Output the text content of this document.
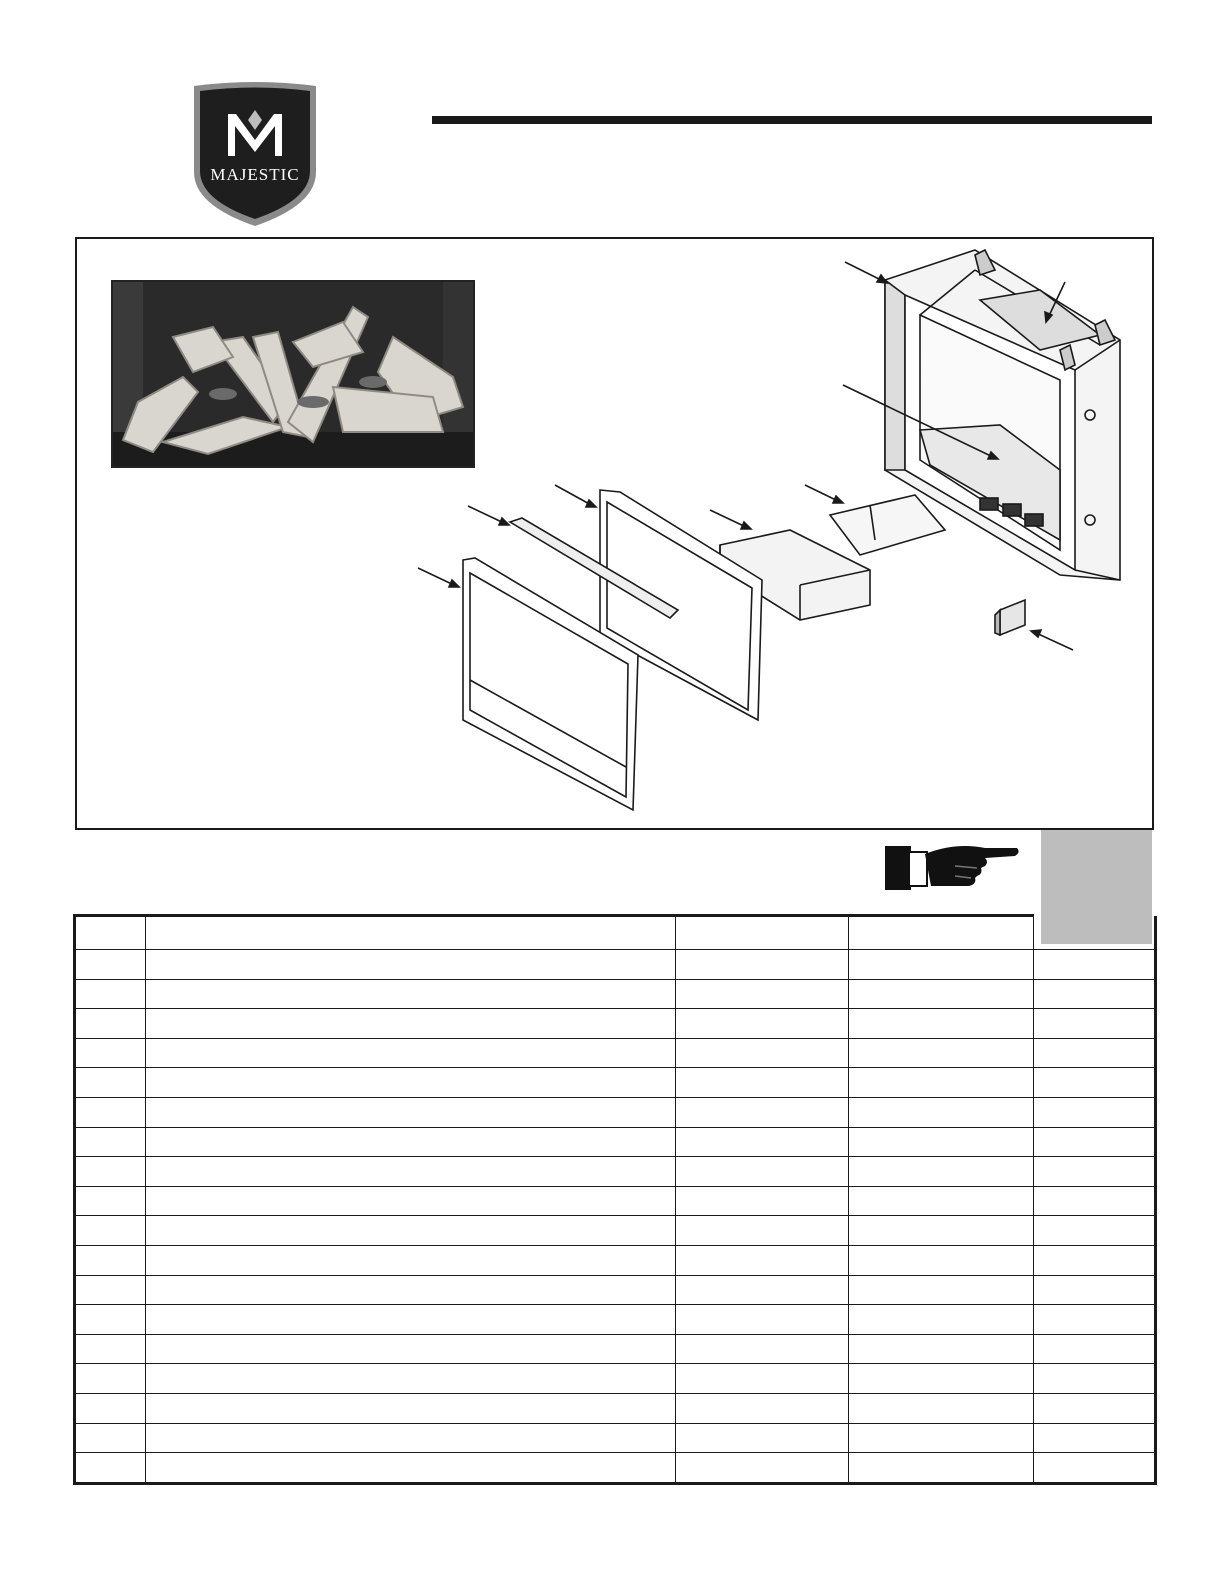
MAJESTIC
